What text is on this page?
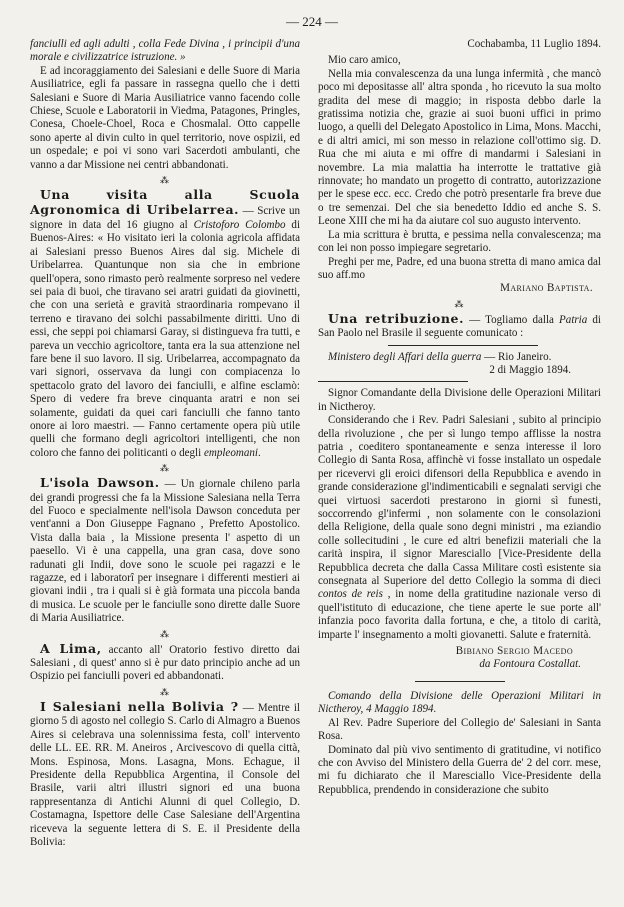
— 224 —

fanciulli ed agli adulti , colla Fede Divina , i principii d'una morale e civilizzatrice istruzione. »

E ad incoraggiamento dei Salesiani e delle Suore di Maria Ausiliatrice, egli fa passare in rassegna quello che i detti Salesiani e Suore di Maria Ausiliatrice vanno facendo colle Chiese, Scuole e Laboratorii in Viedma, Patagones, Pringles, Conesa, Choele-Choel, Roca e Chosmalal. Otto cappelle sono aperte al divin culto in quel territorio, nove ospizii, ed un ospedale; e poi vi sono vari Sacerdoti ambulanti, che vanno a dar Missione nei centri abbandonati.

⁂

Una visita alla Scuola Agronomica di Uribelarrea. — Scrive un signore in data del 16 giugno al Cristoforo Colombo di Buenos-Aires: « Ho visitato ieri la colonia agricola affidata ai Salesiani presso Buenos Aires dal sig. Michele di Uribelarrea. Quantunque non sia che in embrione quell'opera, sono rimasto però realmente sorpreso nel vedere sei paia di buoi, che tiravano sei aratri guidati da giovinetti, che con una serietà e gravità straordinaria rompevano il terreno e tiravano dei solchi passabilmente diritti. Uno di essi, che seppi poi chiamarsi Garay, si distingueva fra tutti, e pareva un vecchio agricoltore, tanta era la sua attenzione nel fare bene il suo lavoro. Il sig. Uribelarrea, accompagnato da vari signori, osservava da lungi con compiacenza lo spettacolo grato del lavoro dei fanciulli, e alfine esclamò: Spero di vedere fra breve cinquanta aratri e non sei solamente, guidati da quei cari fanciulli che fanno tanto onore ai loro maestri. — Fanno certamente opera più utile quelli che formano degli agricoltori intelligenti, che non coloro che fanno dei politicanti o degli empleomani.

⁂

L'isola Dawson. — Un giornale chileno parla dei grandi progressi che fa la Missione Salesiana nella Terra del Fuoco e specialmente nell'isola Dawson conceduta per vent'anni a Don Giuseppe Fagnano , Prefetto Apostolico. Vista dalla baia , la Missione presenta l' aspetto di un paesello. Vi è una cappella, una gran casa, dove sono radunati gli Indii, dove sono le scuole pei ragazzi e le ragazze, ed i laboratorî per insegnare i differenti mestieri ai giovani indii , tra i quali si è già formata una piccola banda di musica. Le scuole per le fanciulle sono dirette dalle Suore di Maria Ausiliatrice.

⁂

A Lima, accanto all' Oratorio festivo diretto dai Salesiani , di quest' anno si è pur dato principio anche ad un Ospizio pei fanciulli poveri ed abbandonati.

⁂

I Salesiani nella Bolivia ? — Mentre il giorno 5 di agosto nel collegio S. Carlo di Almagro a Buenos Aires si celebrava una solennissima festa, coll' intervento delle LL. EE. RR. M. Aneiros , Arcivescovo di quella città, Mons. Espinosa, Mons. Lasagna, Mons. Echague, il Presidente della Repubblica Argentina, il Console del Brasile, varii altri illustri signori ed una buona rappresentanza di Antichi Alunni di quel Collegio, D. Costamagna, Ispettore delle Case Salesiane dell'Argentina riceveva la seguente lettera di S. E. il Presidente della Bolivia:

Cochabamba, 11 Luglio 1894.

Mio caro amico,

Nella mia convalescenza da una lunga infermità , che mancò poco mi depositasse all' altra sponda , ho ricevuto la sua molto gradita del mese di maggio; in risposta debbo darle la gratissima notizia che, grazie ai suoi buoni uffici in primo luogo, a quelli del Delegato Apostolico in Lima, Mons. Macchi, e di altri amici, mi son messo in relazione coll'ottimo sig. D. Rua che mi aiuta e mi offre di mandarmi i Salesiani in novembre. La mia malattia ha interrotte le trattative già rinnovate; ho mandato un progetto di contratto, autorizzazione per le spese ecc. ecc. Credo che potrò presentarle fra breve due o tre semenzai. Del che sia benedetto Iddio ed anche S. S. Leone XIII che mi ha da aiutare col suo augusto intervento.

La mia scrittura è brutta, e pessima nella convalescenza; ma con lei non posso impiegare segretario.

Preghi per me, Padre, ed una buona stretta di mano amica dal suo aff.mo

Mariano Baptista.

⁂

Una retribuzione. — Togliamo dalla Patria di San Paolo nel Brasile il seguente comunicato :

Ministero degli Affari della guerra — Rio Janeiro.

2 di Maggio 1894.

Signor Comandante della Divisione delle Operazioni Militari in Nictheroy.

Considerando che i Rev. Padri Salesiani , subito al principio della rivoluzione , che per sì lungo tempo afflisse la nostra patria , coeditero spontaneamente e senza interesse il loro Collegio di Santa Rosa, affinchè vi fosse installato un ospedale per ricevervi gli eroici difensori della Repubblica e avendo in grande considerazione gl'indimenticabili e segnalati servigi che quei virtuosi sacerdoti prestarono in giorni sì funesti, soccorrendo gl'infermi , non solamente con le consolazioni della Religione, della quale sono degni ministri , ma eziandio colle sollecitudini , le cure ed altri benefizii materiali che la carità inspira, il signor Maresciallo [Vice-Presidente della Repubblica decreta che dalla Cassa Militare costì esistente sia consegnata al Superiore del detto Collegio la somma di dieci contos de reis , in nome della gratitudine nazionale verso di quell'istituto di educazione, che tiene aperte le sue porte all' infanzia poco favorita dalla fortuna, e che, a titolo di carità, imparte l' insegnamento a molti giovanetti. Salute e fraternità.

Bibiano Sergio Macedo

da Fontoura Costallat.

Comando della Divisione delle Operazioni Militari in Nictheroy, 4 Maggio 1894.

Al Rev. Padre Superiore del Collegio de' Salesiani in Santa Rosa.

Dominato dal più vivo sentimento di gratitudine, vi notifico che con Avviso del Ministero della Guerra de' 2 del corr. mese, mi fu dichiarato che il Maresciallo Vice-Presidente della Repubblica, prendendo in considerazione che subito
